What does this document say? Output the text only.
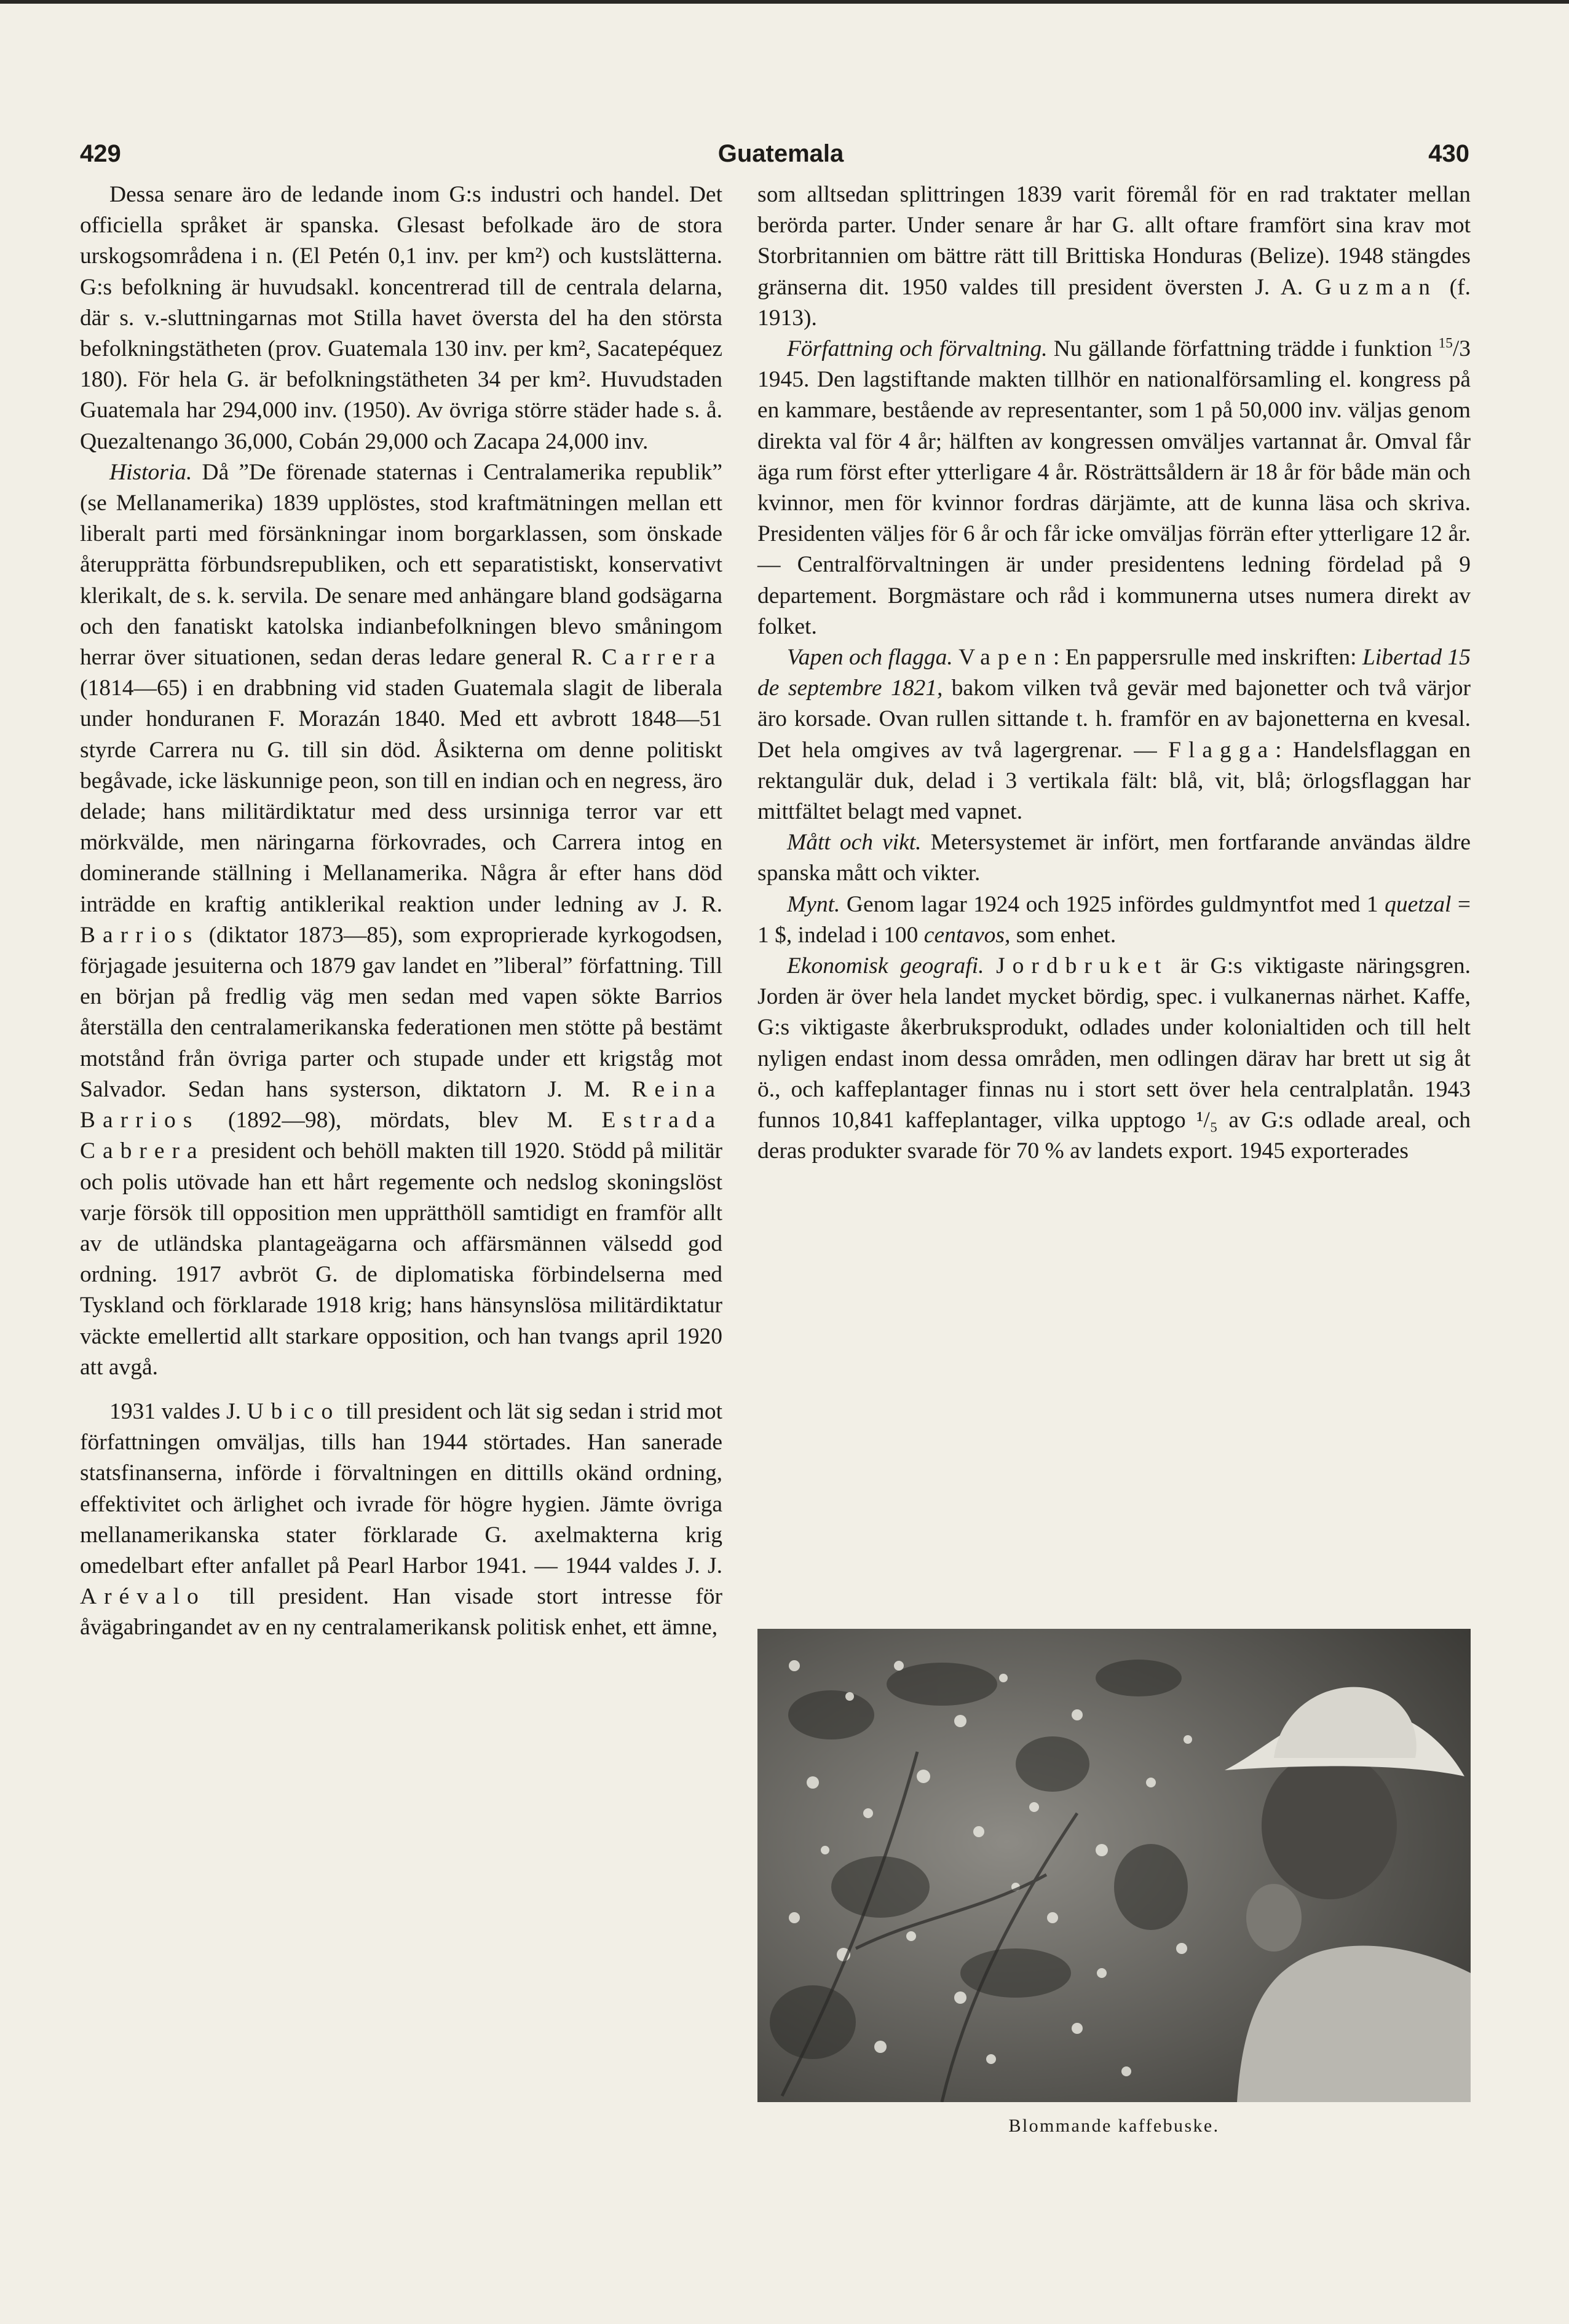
429	Guatemala	430

Dessa senare äro de ledande inom G:s industri och handel. Det officiella språket är spanska. Glesast befolkade äro de stora urskogsområdena i n. (El Petén 0,1 inv. per km²) och kustslätterna. G:s befolkning är huvudsakl. koncentrerad till de centrala delarna, där s. v.-sluttningarnas mot Stilla havet översta del ha den största befolkningstätheten (prov. Guatemala 130 inv. per km², Sacatepéquez 180). För hela G. är befolkningstätheten 34 per km². Huvudstaden Guatemala har 294,000 inv. (1950). Av övriga större städer hade s. å. Quezaltenango 36,000, Cobán 29,000 och Zacapa 24,000 inv.

Historia. Då ”De förenade staternas i Centralamerika republik” (se Mellanamerika) 1839 upplöstes, stod kraftmätningen mellan ett liberalt parti med försänkningar inom borgarklassen, som önskade återupprätta förbundsrepubliken, och ett separatistiskt, konservativt klerikalt, de s. k. servila. De senare med anhängare bland godsägarna och den fanatiskt katolska indianbefolkningen blevo småningom herrar över situationen, sedan deras ledare general R. Carrera (1814—65) i en drabbning vid staden Guatemala slagit de liberala under honduranen F. Morazán 1840. Med ett avbrott 1848—51 styrde Carrera nu G. till sin död. Åsikterna om denne politiskt begåvade, icke läskunnige peon, son till en indian och en negress, äro delade; hans militärdiktatur med dess ursinniga terror var ett mörkvälde, men näringarna förkovrades, och Carrera intog en dominerande ställning i Mellanamerika. Några år efter hans död inträdde en kraftig antiklerikal reaktion under ledning av J. R. Barrios (diktator 1873—85), som exproprierade kyrkogodsen, förjagade jesuiterna och 1879 gav landet en ”liberal” författning. Till en början på fredlig väg men sedan med vapen sökte Barrios återställa den centralamerikanska federationen men stötte på bestämt motstånd från övriga parter och stupade under ett krigståg mot Salvador. Sedan hans systerson, diktatorn J. M. Reina Barrios (1892—98), mördats, blev M. Estrada Cabrera president och behöll makten till 1920. Stödd på militär och polis utövade han ett hårt regemente och nedslog skoningslöst varje försök till opposition men upprätthöll samtidigt en framför allt av de utländska plantageägarna och affärsmännen välsedd god ordning. 1917 avbröt G. de diplomatiska förbindelserna med Tyskland och förklarade 1918 krig; hans hänsynslösa militärdiktatur väckte emellertid allt starkare opposition, och han tvangs april 1920 att avgå.

1931 valdes J. Ubico till president och lät sig sedan i strid mot författningen omväljas, tills han 1944 störtades. Han sanerade statsfinanserna, införde i förvaltningen en dittills okänd ordning, effektivitet och ärlighet och ivrade för högre hygien. Jämte övriga mellanamerikanska stater förklarade G. axelmakterna krig omedelbart efter anfallet på Pearl Harbor 1941. — 1944 valdes J. J. Arévalo till president. Han visade stort intresse för åvägabringandet av en ny centralamerikansk politisk enhet, ett ämne,

som alltsedan splittringen 1839 varit föremål för en rad traktater mellan berörda parter. Under senare år har G. allt oftare framfört sina krav mot Storbritannien om bättre rätt till Brittiska Honduras (Belize). 1948 stängdes gränserna dit. 1950 valdes till president översten J. A. Guzman (f. 1913).

Författning och förvaltning. Nu gällande författning trädde i funktion $^{15}$/3 1945. Den lagstiftande makten tillhör en nationalförsamling el. kongress på en kammare, bestående av representanter, som 1 på 50,000 inv. väljas genom direkta val för 4 år; hälften av kongressen omväljes vartannat år. Omval får äga rum först efter ytterligare 4 år. Rösträttsåldern är 18 år för både män och kvinnor, men för kvinnor fordras därjämte, att de kunna läsa och skriva. Presidenten väljes för 6 år och får icke omväljas förrän efter ytterligare 12 år. — Centralförvaltningen är under presidentens ledning fördelad på 9 departement. Borgmästare och råd i kommunerna utses numera direkt av folket.

Vapen och flagga. Vapen: En pappersrulle med inskriften: Libertad 15 de septembre 1821, bakom vilken två gevär med bajonetter och två värjor äro korsade. Ovan rullen sittande t. h. framför en av bajonetterna en kvesal. Det hela omgives av två lagergrenar. — Flagga: Handelsflaggan en rektangulär duk, delad i 3 vertikala fält: blå, vit, blå; örlogsflaggan har mittfältet belagt med vapnet.

Mått och vikt. Metersystemet är infört, men fortfarande användas äldre spanska mått och vikter.

Mynt. Genom lagar 1924 och 1925 infördes guldmyntfot med 1 quetzal = 1 $, indelad i 100 centavos, som enhet.

Ekonomisk geografi. Jordbruket är G:s viktigaste näringsgren. Jorden är över hela landet mycket bördig, spec. i vulkanernas närhet. Kaffe, G:s viktigaste åkerbruksprodukt, odlades under kolonialtiden och till helt nyligen endast inom dessa områden, men odlingen därav har brett ut sig åt ö., och kaffeplantager finnas nu i stort sett över hela centralplatån. 1943 funnos 10,841 kaffeplantager, vilka upptogo ¹/₅ av G:s odlade areal, och deras produkter svarade för 70 % av landets export. 1945 exporterades

Blommande kaffebuske.
